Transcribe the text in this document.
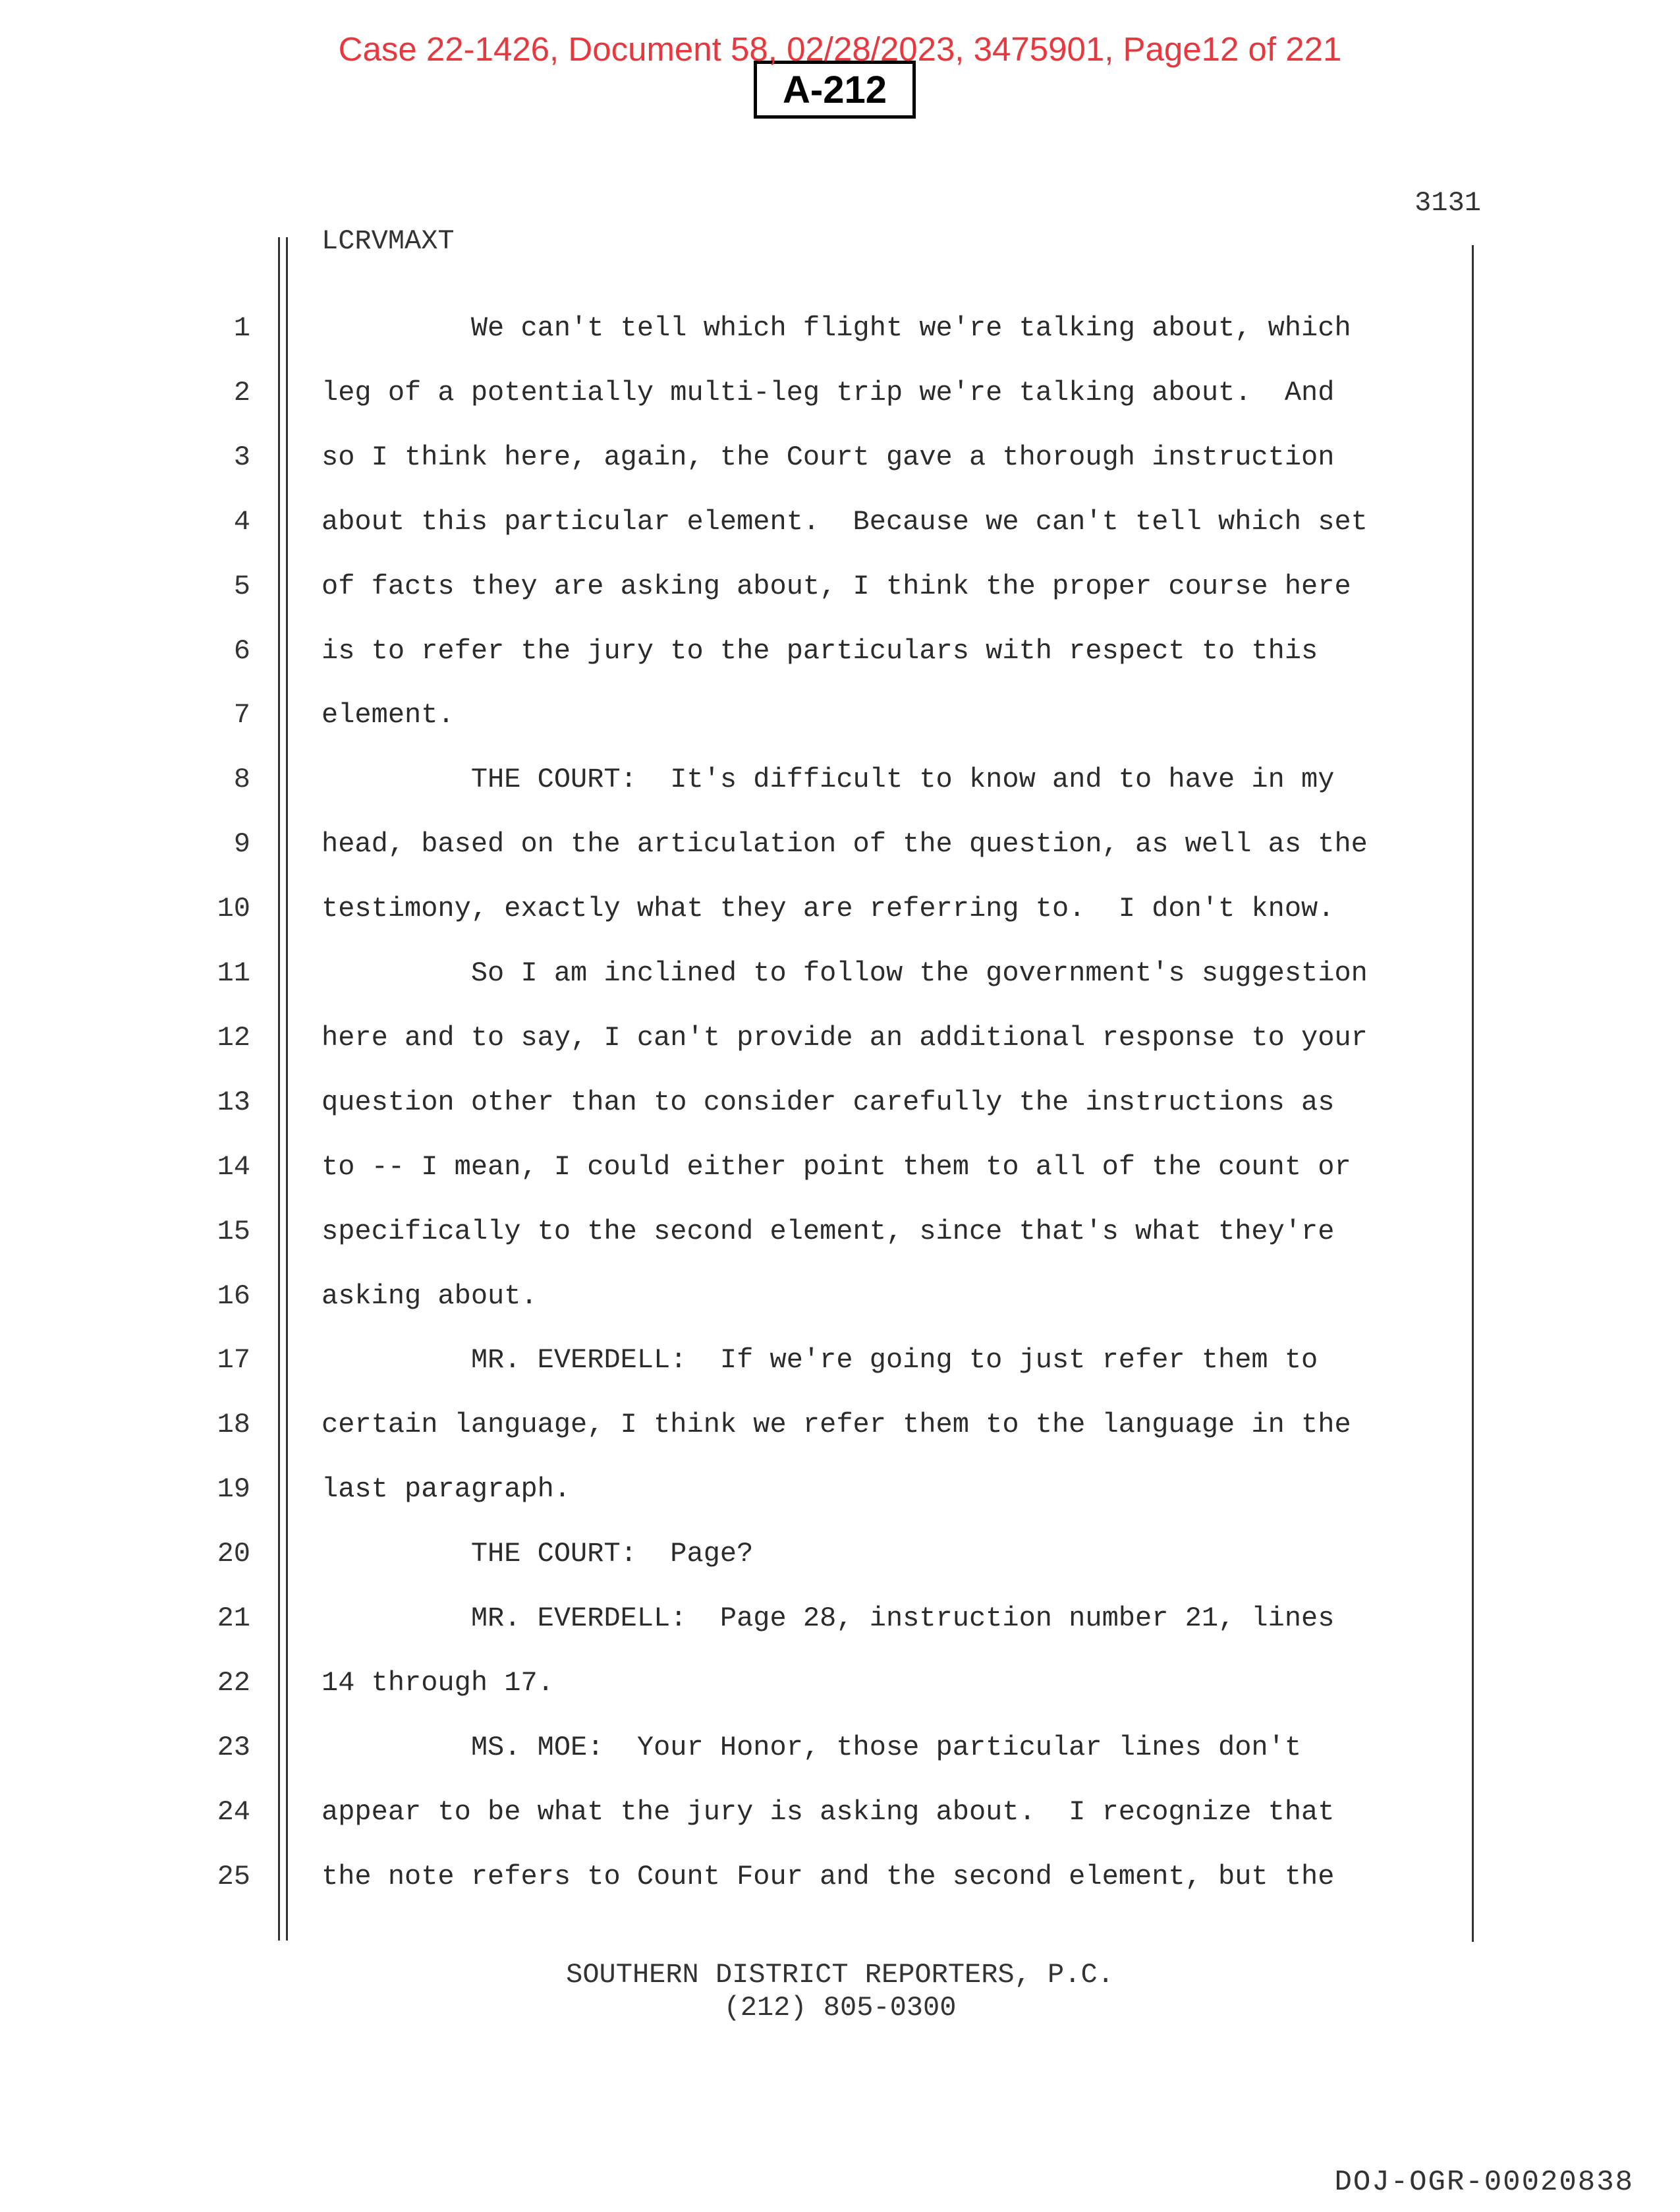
Case 22-1426, Document 58, 02/28/2023, 3475901, Page12 of 221
A-212
3131
LCRVMAXT
1	We can't tell which flight we're talking about, which
2	leg of a potentially multi-leg trip we're talking about.  And
3	so I think here, again, the Court gave a thorough instruction
4	about this particular element.  Because we can't tell which set
5	of facts they are asking about, I think the proper course here
6	is to refer the jury to the particulars with respect to this
7	element.
8	THE COURT:  It's difficult to know and to have in my
9	head, based on the articulation of the question, as well as the
10	testimony, exactly what they are referring to.  I don't know.
11	So I am inclined to follow the government's suggestion
12	here and to say, I can't provide an additional response to your
13	question other than to consider carefully the instructions as
14	to -- I mean, I could either point them to all of the count or
15	specifically to the second element, since that's what they're
16	asking about.
17	MR. EVERDELL:  If we're going to just refer them to
18	certain language, I think we refer them to the language in the
19	last paragraph.
20	THE COURT:  Page?
21	MR. EVERDELL:  Page 28, instruction number 21, lines
22	14 through 17.
23	MS. MOE:  Your Honor, those particular lines don't
24	appear to be what the jury is asking about.  I recognize that
25	the note refers to Count Four and the second element, but the
SOUTHERN DISTRICT REPORTERS, P.C.
(212) 805-0300
DOJ-OGR-00020838
